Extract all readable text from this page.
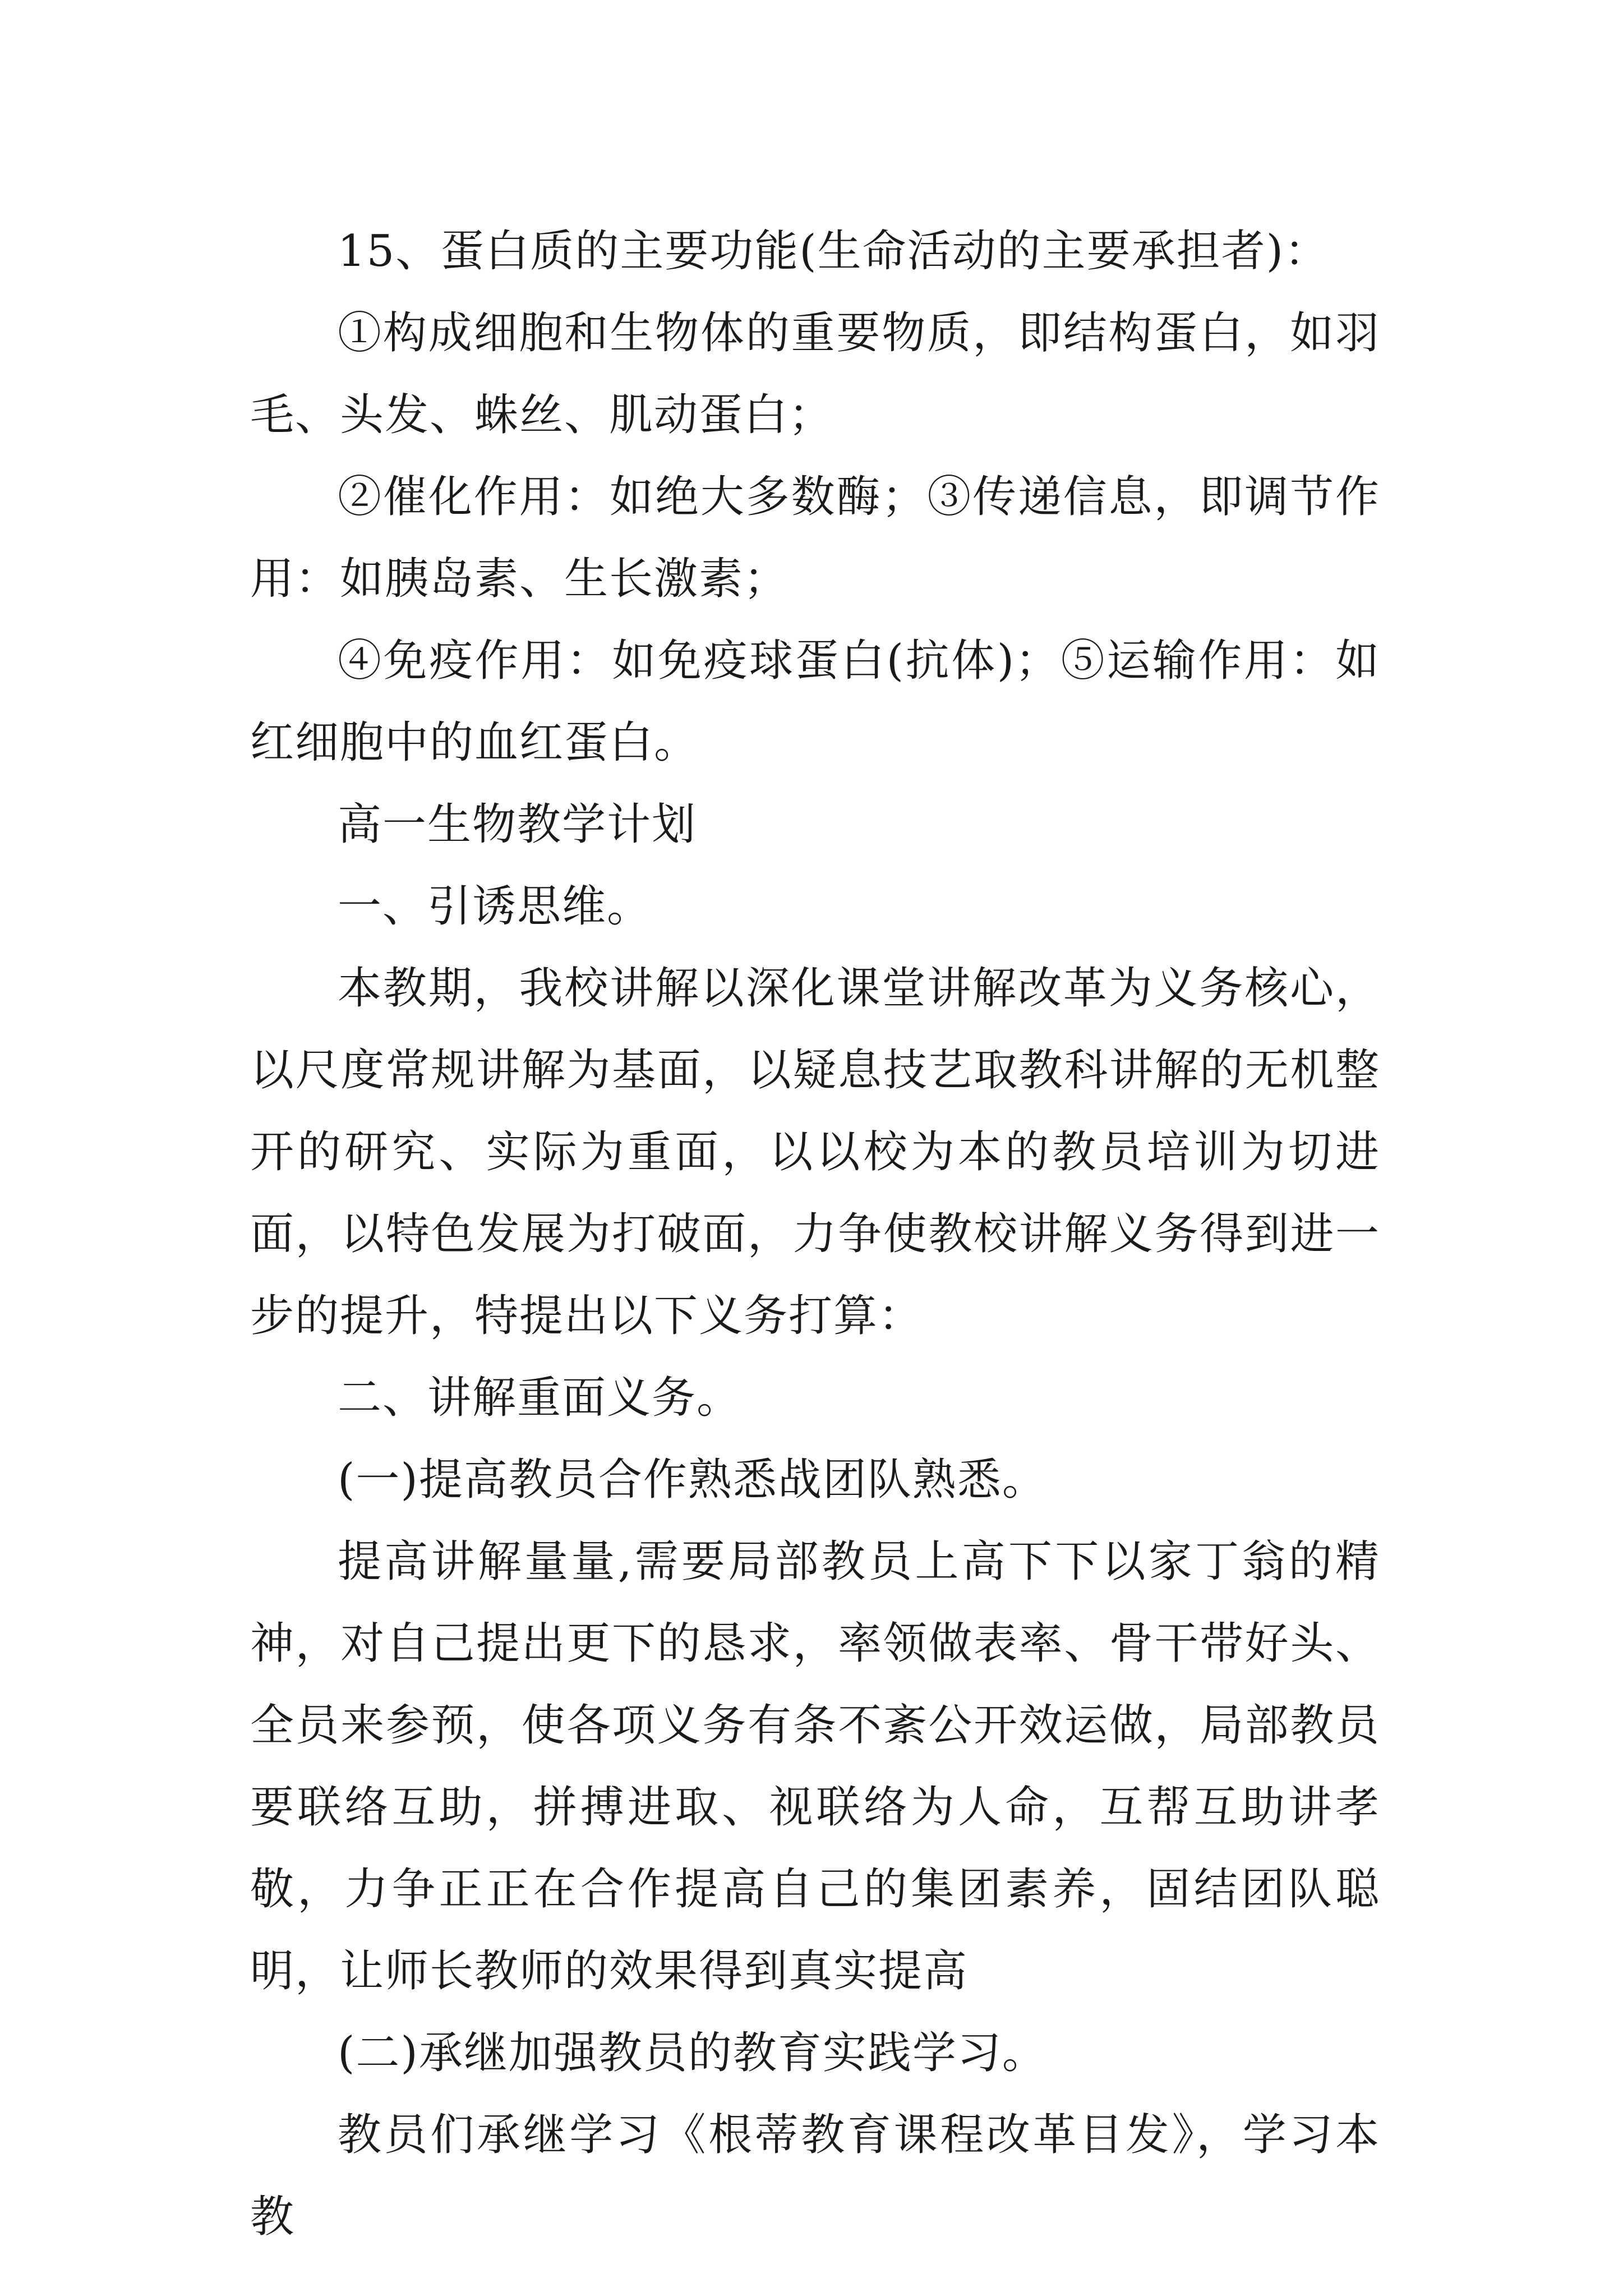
15、蛋白质的主要功能(生命活动的主要承担者)：

①构成细胞和生物体的重要物质，即结构蛋白，如羽毛、头发、蛛丝、肌动蛋白；

②催化作用：如绝大多数酶；③传递信息，即调节作用：如胰岛素、生长激素；

④免疫作用：如免疫球蛋白(抗体)；⑤运输作用：如红细胞中的血红蛋白。

高一生物教学计划

一、引诱思维。

本教期，我校讲解以深化课堂讲解改革为义务核心，以尺度常规讲解为基面，以疑息技艺取教科讲解的无机整开的研究、实际为重面，以以校为本的教员培训为切进面，以特色发展为打破面，力争使教校讲解义务得到进一步的提升，特提出以下义务打算：

二、讲解重面义务。

(一)提高教员合作熟悉战团队熟悉。

提高讲解量量,需要局部教员上高下下以家丁翁的精神，对自己提出更下的恳求，率领做表率、骨干带好头、全员来参预，使各项义务有条不紊公开效运做，局部教员要联络互助，拼搏进取、视联络为人命，互帮互助讲孝敬，力争正正在合作提高自己的集团素养，固结团队聪明，让师长教师的效果得到真实提高

(二)承继加强教员的教育实践学习。

教员们承继学习《根蒂教育课程改革目发》，学习本教
